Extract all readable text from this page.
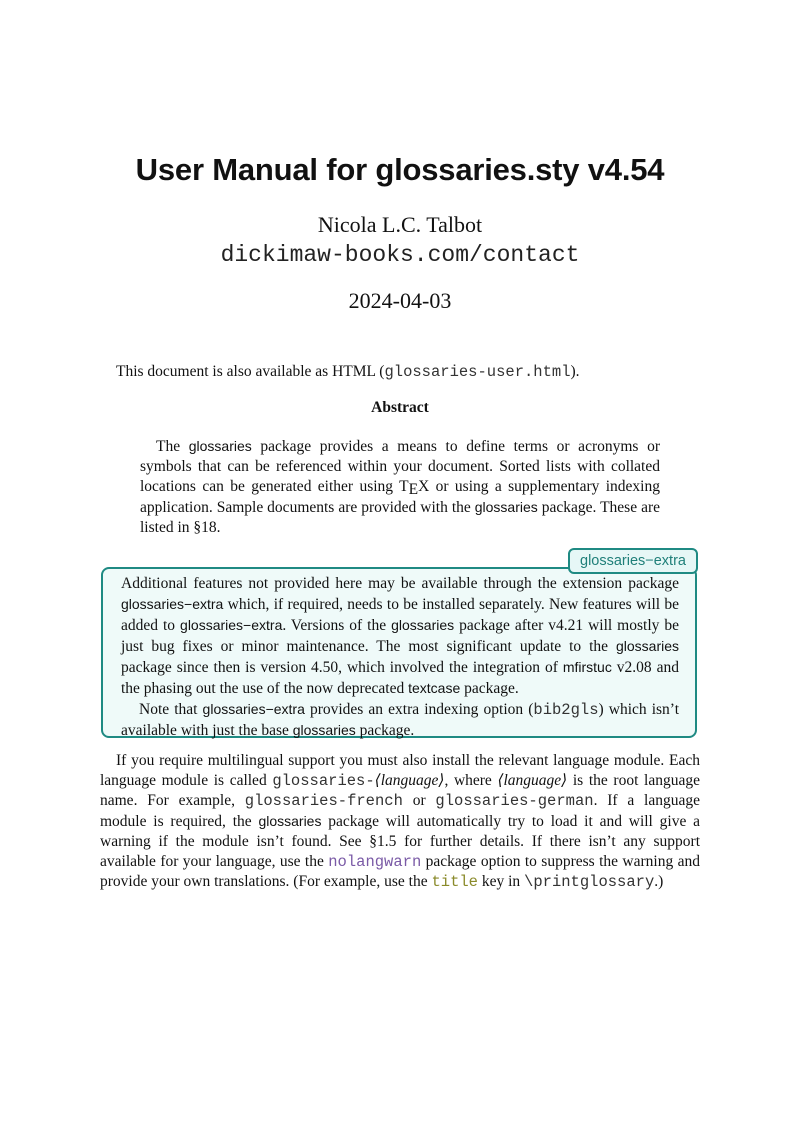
User Manual for glossaries.sty v4.54
Nicola L.C. Talbot
dickimaw-books.com/contact
2024-04-03
This document is also available as HTML (glossaries-user.html).
Abstract
The glossaries package provides a means to define terms or acronyms or symbols that can be referenced within your document. Sorted lists with collated locations can be generated either using $T_EX$ or using a supplementary indexing application. Sample documents are provided with the glossaries package. These are listed in §18.
glossaries−extra

Additional features not provided here may be available through the extension package glossaries−extra which, if required, needs to be installed separately. New features will be added to glossaries−extra. Versions of the glossaries package after v4.21 will mostly be just bug fixes or minor maintenance. The most significant update to the glossaries package since then is version 4.50, which involved the integration of mfirstuc v2.08 and the phasing out the use of the now deprecated textcase package.

Note that glossaries−extra provides an extra indexing option (bib2gls) which isn’t available with just the base glossaries package.

If you require multilingual support you must also install the relevant language module. Each language module is called glossaries-⟨language⟩, where ⟨language⟩ is the root language name. For example, glossaries-french or glossaries-german. If a language module is required, the glossaries package will automatically try to load it and will give a warning if the module isn’t found. See §1.5 for further details. If there isn’t any support available for your language, use the nolangwarn package option to suppress the warning and provide your own translations. (For example, use the title key in \printglossary.)
